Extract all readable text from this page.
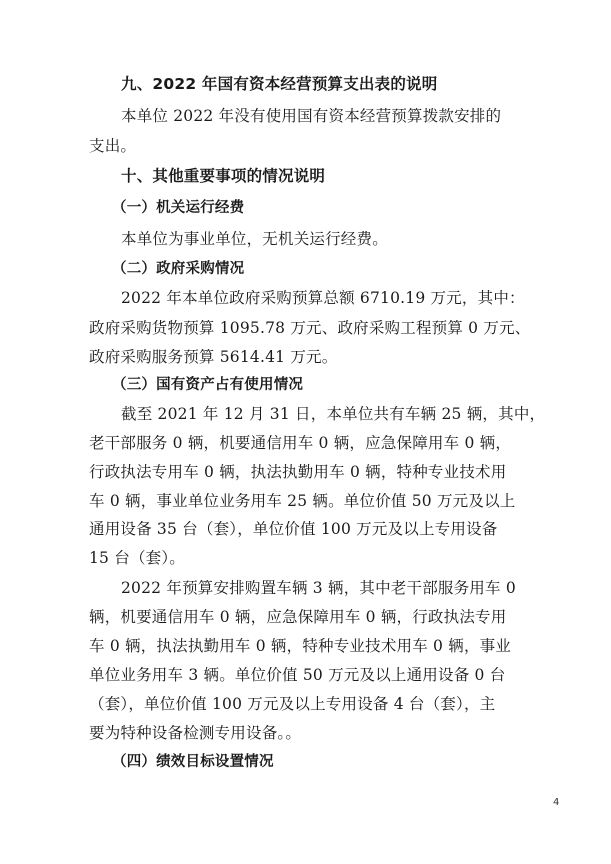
九、2022 年国有资本经营预算支出表的说明
本单位 2022 年没有使用国有资本经营预算拨款安排的
支出。
十、其他重要事项的情况说明
（一）机关运行经费
本单位为事业单位，无机关运行经费。
（二）政府采购情况
2022 年本单位政府采购预算总额 6710.19 万元，其中：
政府采购货物预算 1095.78 万元、政府采购工程预算 0 万元、
政府采购服务预算 5614.41 万元。
（三）国有资产占有使用情况
截至 2021 年 12 月 31 日，本单位共有车辆 25 辆，其中，
老干部服务 0 辆，机要通信用车 0 辆，应急保障用车 0 辆，
行政执法专用车 0 辆，执法执勤用车 0 辆，特种专业技术用
车 0 辆，事业单位业务用车 25 辆。单位价值 50 万元及以上
通用设备 35 台（套），单位价值 100 万元及以上专用设备
15 台（套）。
2022 年预算安排购置车辆 3 辆，其中老干部服务用车 0
辆，机要通信用车 0 辆，应急保障用车 0 辆，行政执法专用
车 0 辆，执法执勤用车 0 辆，特种专业技术用车 0 辆，事业
单位业务用车 3 辆。单位价值 50 万元及以上通用设备 0 台
（套），单位价值 100 万元及以上专用设备 4 台（套），主
要为特种设备检测专用设备。。
（四）绩效目标设置情况
4
